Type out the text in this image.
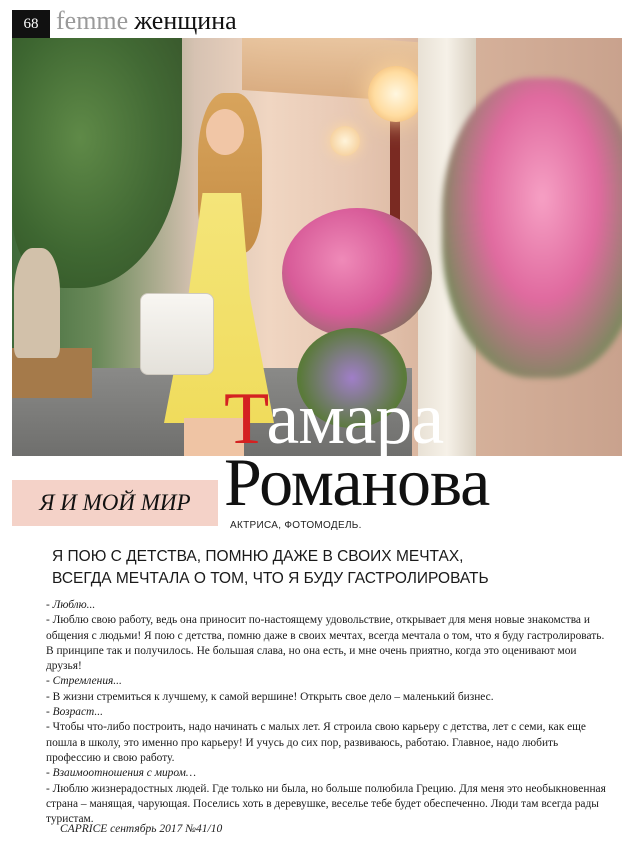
68 femme женщина
Тамара
Романова
Я И МОЙ МИР
АКТРИСА, ФОТОМОДЕЛЬ.
Я ПОЮ С ДЕТСТВА, ПОМНЮ ДАЖЕ В СВОИХ МЕЧТАХ,
ВСЕГДА МЕЧТАЛА О ТОМ, ЧТО Я БУДУ ГАСТРОЛИРОВАТЬ

- Люблю...

- Люблю свою работу, ведь она приносит по-настоящему удовольствие, открывает для меня новые знакомства и общения с людьми! Я пою с детства, помню даже в своих мечтах, всегда мечтала о том, что я буду гастролировать.

В принципе так и получилось. Не большая слава, но она есть, и мне очень приятно, когда это оценивают мои друзья!

- Стремления...

- В жизни стремиться к лучшему, к самой вершине! Открыть свое дело – маленький бизнес.

- Возраст...

- Чтобы что-либо построить, надо начинать с малых лет. Я строила свою карьеру с детства, лет с семи, как еще пошла в школу, это именно про карьеру! И учусь до сих пор, развиваюсь, работаю. Главное, надо любить профессию и свою работу.

- Взаимоотношения с миром…

- Люблю жизнерадостных людей. Где только ни была, но больше полюбила Грецию. Для меня это необыкновенная страна – манящая, чарующая. Поселись хоть в деревушке, веселье тебе будет обеспеченно. Люди там всегда рады туристам.

CAPRICE сентябрь 2017 №41/10
